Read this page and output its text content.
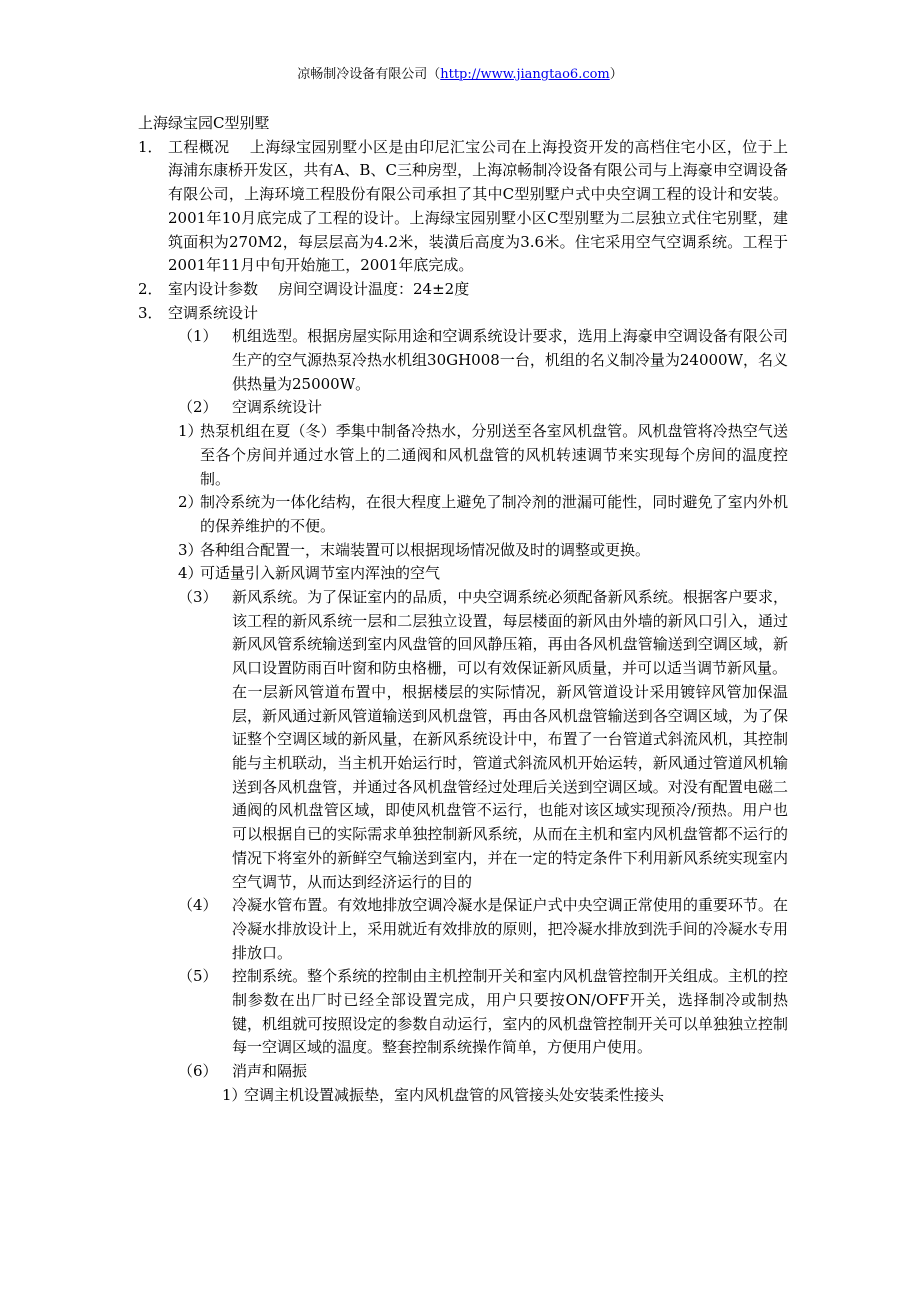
凉畅制冷设备有限公司（http://www.jiangtao6.com）
上海绿宝园C型别墅
1． 工程概况 上海绿宝园别墅小区是由印尼汇宝公司在上海投资开发的高档住宅小区，位于上海浦东康桥开发区，共有A、B、C三种房型，上海凉畅制冷设备有限公司与上海豪申空调设备有限公司，上海环境工程股份有限公司承担了其中C型别墅户式中央空调工程的设计和安装。2001年10月底完成了工程的设计。上海绿宝园别墅小区C型别墅为二层独立式住宅别墅，建筑面积为270M2，每层层高为4.2米，装潢后高度为3.6米。住宅采用空气空调系统。工程于2001年11月中旬开始施工，2001年底完成。
2． 室内设计参数 房间空调设计温度：24±2度
3． 空调系统设计
（1） 机组选型。根据房屋实际用途和空调系统设计要求，选用上海豪申空调设备有限公司生产的空气源热泵冷热水机组30GH008一台，机组的名义制冷量为24000W，名义供热量为25000W。
（2） 空调系统设计
1）
热泵机组在夏（冬）季集中制备冷热水，分别送至各室风机盘管。风机盘管将冷热空气送至各个房间并通过水管上的二通阀和风机盘管的风机转速调节来实现每个房间的温度控制。
2）
制冷系统为一体化结构，在很大程度上避免了制冷剂的泄漏可能性，同时避免了室内外机的保养维护的不便。
3）
各种组合配置一，末端装置可以根据现场情况做及时的调整或更换。
4）
可适量引入新风调节室内浑浊的空气
（3） 新风系统。为了保证室内的品质，中央空调系统必须配备新风系统。根据客户要求，该工程的新风系统一层和二层独立设置，每层楼面的新风由外墙的新风口引入，通过新风风管系统输送到室内风盘管的回风静压箱，再由各风机盘管输送到空调区域，新风口设置防雨百叶窗和防虫格栅，可以有效保证新风质量，并可以适当调节新风量。
在一层新风管道布置中，根据楼层的实际情况，新风管道设计采用镀锌风管加保温层，新风通过新风管道输送到风机盘管，再由各风机盘管输送到各空调区域，为了保证整个空调区域的新风量，在新风系统设计中，布置了一台管道式斜流风机，其控制能与主机联动，当主机开始运行时，管道式斜流风机开始运转，新风通过管道风机输送到各风机盘管，并通过各风机盘管经过处理后关送到空调区域。对没有配置电磁二通阀的风机盘管区域，即使风机盘管不运行，也能对该区域实现预冷/预热。用户也可以根据自已的实际需求单独控制新风系统，从而在主机和室内风机盘管都不运行的情况下将室外的新鲜空气输送到室内，并在一定的特定条件下利用新风系统实现室内空气调节，从而达到经济运行的目的
（4） 冷凝水管布置。有效地排放空调冷凝水是保证户式中央空调正常使用的重要环节。在冷凝水排放设计上，采用就近有效排放的原则，把冷凝水排放到洗手间的冷凝水专用排放口。
（5） 控制系统。整个系统的控制由主机控制开关和室内风机盘管控制开关组成。主机的控制参数在出厂时已经全部设置完成，用户只要按ON/OFF开关，选择制冷或制热键，机组就可按照设定的参数自动运行，室内的风机盘管控制开关可以单独独立控制每一空调区域的温度。整套控制系统操作简单，方便用户使用。
（6） 消声和隔振
1）
空调主机设置减振垫，室内风机盘管的风管接头处安装柔性接头
